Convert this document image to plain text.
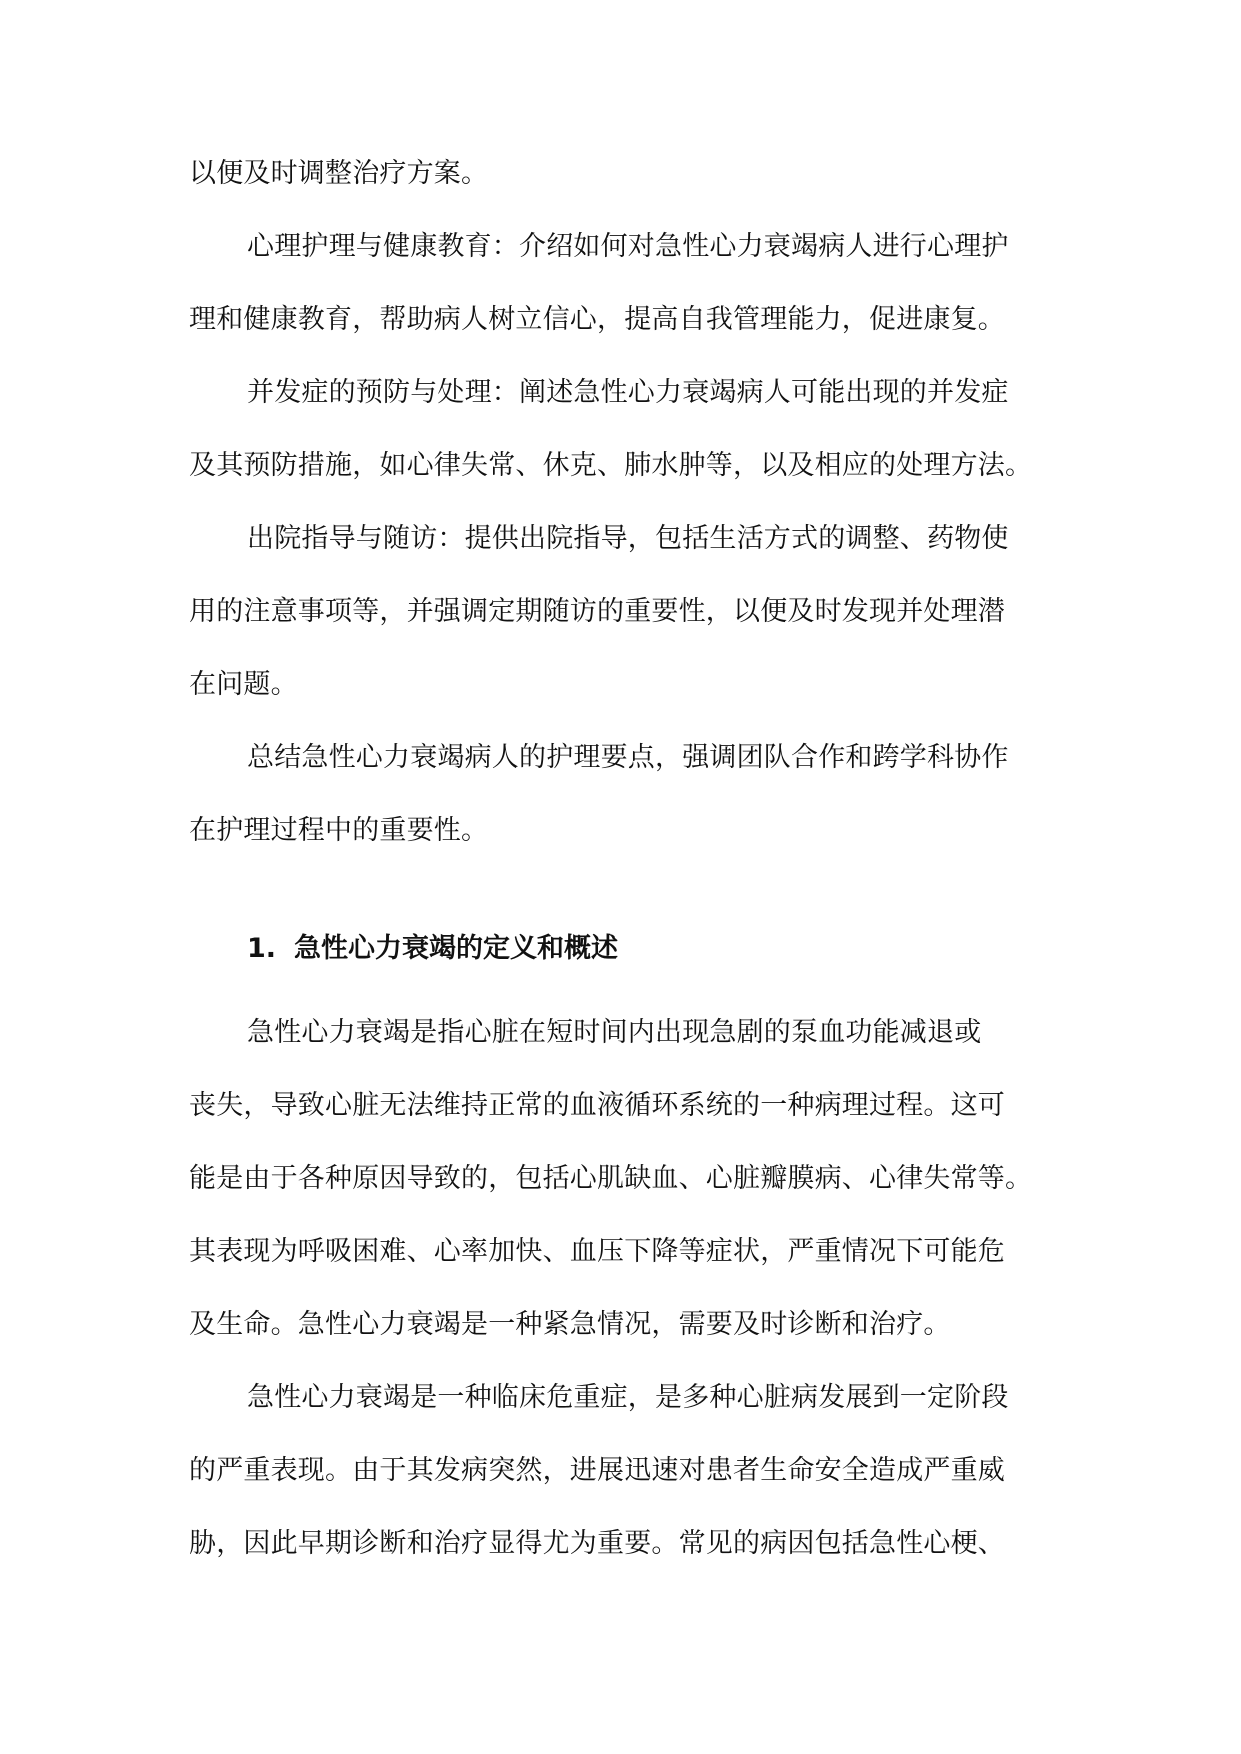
以便及时调整治疗方案。
心理护理与健康教育：介绍如何对急性心力衰竭病人进行心理护
理和健康教育，帮助病人树立信心，提高自我管理能力，促进康复。
并发症的预防与处理：阐述急性心力衰竭病人可能出现的并发症
及其预防措施，如心律失常、休克、肺水肿等，以及相应的处理方法。
出院指导与随访：提供出院指导，包括生活方式的调整、药物使
用的注意事项等，并强调定期随访的重要性，以便及时发现并处理潜
在问题。
总结急性心力衰竭病人的护理要点，强调团队合作和跨学科协作
在护理过程中的重要性。
1. 急性心力衰竭的定义和概述
急性心力衰竭是指心脏在短时间内出现急剧的泵血功能减退或
丧失，导致心脏无法维持正常的血液循环系统的一种病理过程。这可
能是由于各种原因导致的，包括心肌缺血、心脏瓣膜病、心律失常等。
其表现为呼吸困难、心率加快、血压下降等症状，严重情况下可能危
及生命。急性心力衰竭是一种紧急情况，需要及时诊断和治疗。
急性心力衰竭是一种临床危重症，是多种心脏病发展到一定阶段
的严重表现。由于其发病突然，进展迅速对患者生命安全造成严重威
胁，因此早期诊断和治疗显得尤为重要。常见的病因包括急性心梗、
